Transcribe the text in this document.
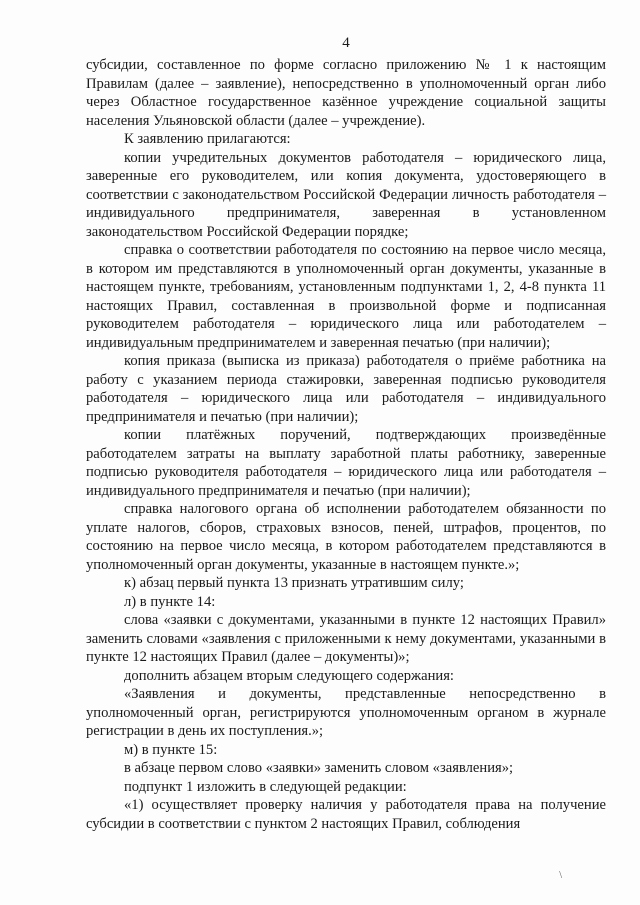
4

субсидии, составленное по форме согласно приложению № 1 к настоящим Правилам (далее – заявление), непосредственно в уполномоченный орган либо через Областное государственное казённое учреждение социальной защиты населения Ульяновской области (далее – учреждение).

К заявлению прилагаются:

копии учредительных документов работодателя – юридического лица, заверенные его руководителем, или копия документа, удостоверяющего в соответствии с законодательством Российской Федерации личность работодателя – индивидуального предпринимателя, заверенная в установленном законодательством Российской Федерации порядке;

справка о соответствии работодателя по состоянию на первое число месяца, в котором им представляются в уполномоченный орган документы, указанные в настоящем пункте, требованиям, установленным подпунктами 1, 2, 4-8 пункта 11 настоящих Правил, составленная в произвольной форме и подписанная руководителем работодателя – юридического лица или работодателем – индивидуальным предпринимателем и заверенная печатью (при наличии);

копия приказа (выписка из приказа) работодателя о приёме работника на работу с указанием периода стажировки, заверенная подписью руководителя работодателя – юридического лица или работодателя – индивидуального предпринимателя и печатью (при наличии);

копии платёжных поручений, подтверждающих произведённые работодателем затраты на выплату заработной платы работнику, заверенные подписью руководителя работодателя – юридического лица или работодателя – индивидуального предпринимателя и печатью (при наличии);

справка налогового органа об исполнении работодателем обязанности по уплате налогов, сборов, страховых взносов, пеней, штрафов, процентов, по состоянию на первое число месяца, в котором работодателем представляются в уполномоченный орган документы, указанные в настоящем пункте.»;

к) абзац первый пункта 13 признать утратившим силу;

л) в пункте 14:

слова «заявки с документами, указанными в пункте 12 настоящих Правил» заменить словами «заявления с приложенными к нему документами, указанными в пункте 12 настоящих Правил (далее – документы)»;

дополнить абзацем вторым следующего содержания:

«Заявления и документы, представленные непосредственно в уполномоченный орган, регистрируются уполномоченным органом в журнале регистрации в день их поступления.»;

м) в пункте 15:

в абзаце первом слово «заявки» заменить словом «заявления»;

подпункт 1 изложить в следующей редакции:

«1) осуществляет проверку наличия у работодателя права на получение субсидии в соответствии с пунктом 2 настоящих Правил, соблюдения

\
